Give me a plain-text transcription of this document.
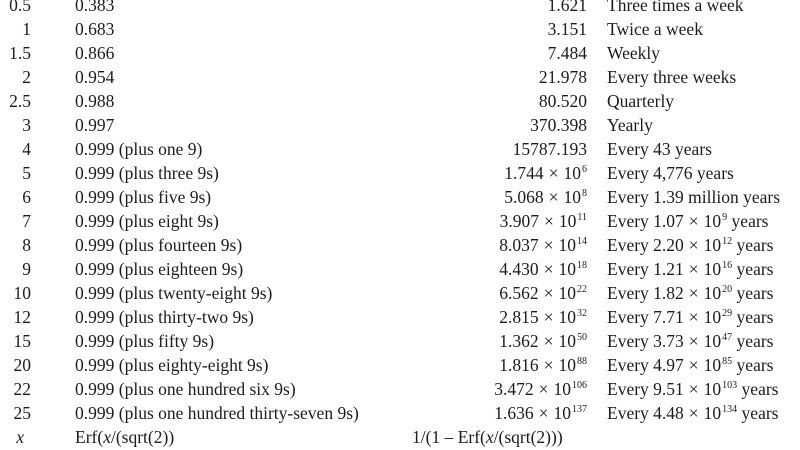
0.5	0.383	1.621 Three times a week
1	0.683	3.151 Twice a week
1.5	0.866	7.484 Weekly
2	0.954	21.978 Every three weeks
2.5	0.988	80.520 Quarterly
3	0.997	370.398 Yearly
4	0.999 (plus one 9)	15787.193 Every 43 years
5	0.999 (plus three 9s)	$1.744 \times 10^6$ Every 4,776 years
6	0.999 (plus five 9s)	$5.068 \times 10^8$ Every 1.39 million years
7	0.999 (plus eight 9s)	$3.907 \times 10^{11}$ Every $1.07 \times 10^9$ years
8	0.999 (plus fourteen 9s)	$8.037 \times 10^{14}$ Every $2.20 \times 10^{12}$ years
9	0.999 (plus eighteen 9s)	$4.430 \times 10^{18}$ Every $1.21 \times 10^{16}$ years
10	0.999 (plus twenty-eight 9s)	$6.562 \times 10^{22}$ Every $1.82 \times 10^{20}$ years
12	0.999 (plus thirty-two 9s)	$2.815 \times 10^{32}$ Every $7.71 \times 10^{29}$ years
15	0.999 (plus fifty 9s)	$1.362 \times 10^{50}$ Every $3.73 \times 10^{47}$ years
20	0.999 (plus eighty-eight 9s)	$1.816 \times 10^{88}$ Every $4.97 \times 10^{85}$ years
22	0.999 (plus one hundred six 9s)	$3.472 \times 10^{106}$ Every $9.51 \times 10^{103}$ years
25	0.999 (plus one hundred thirty-seven 9s)	$1.636 \times 10^{137}$ Every $4.48 \times 10^{134}$ years
x	Erf(x/(sqrt(2))	1/(1 – Erf(x/(sqrt(2)))
